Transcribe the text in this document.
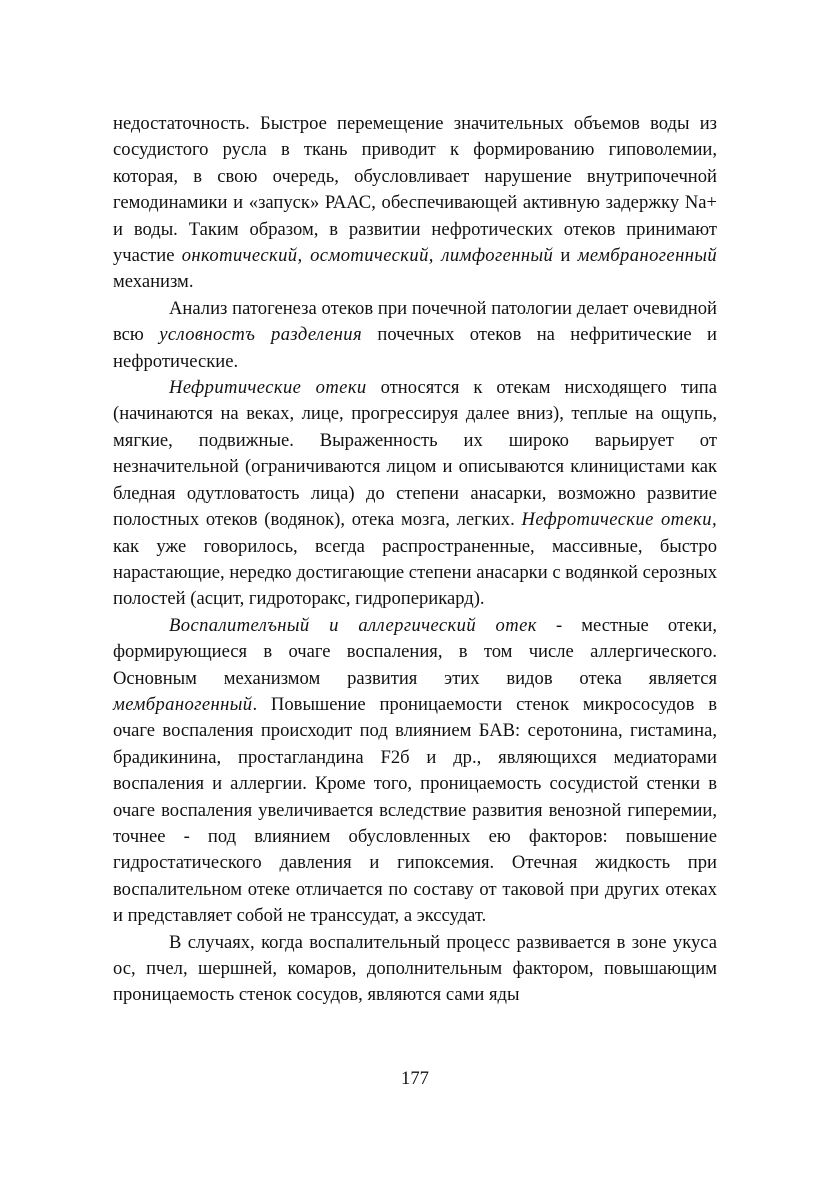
недостаточность. Быстрое перемещение значительных объемов воды из сосудистого русла в ткань приводит к формированию гиповолемии, которая, в свою очередь, обусловливает нарушение внутрипочечной гемодинамики и «запуск» РААС, обеспечивающей активную задержку Na+ и воды. Таким образом, в развитии нефротических отеков принимают участие онкотический, осмотический, лимфогенный и мембраногенный механизм.

Анализ патогенеза отеков при почечной патологии делает очевидной всю условностъ разделения почечных отеков на нефритические и нефротические.

Нефритические отеки относятся к отекам нисходящего типа (начинаются на веках, лице, прогрессируя далее вниз), теплые на ощупь, мягкие, подвижные. Выраженность их широко варьирует от незначительной (ограничиваются лицом и описываются клиницистами как бледная одутловатость лица) до степени анасарки, возможно развитие полостных отеков (водянок), отека мозга, легких. Нефротические отеки, как уже говорилось, всегда распространенные, массивные, быстро нарастающие, нередко достигающие степени анасарки с водянкой серозных полостей (асцит, гидроторакс, гидроперикард).

Воспалителъный и аллергический отек - местные отеки, формирующиеся в очаге воспаления, в том числе аллергического. Основным механизмом развития этих видов отека является мембраногенный. Повышение проницаемости стенок микрососудов в очаге воспаления происходит под влиянием БАВ: серотонина, гистамина, брадикинина, простагландина F2б и др., являющихся медиаторами воспаления и аллергии. Кроме того, проницаемость сосудистой стенки в очаге воспаления увеличивается вследствие развития венозной гиперемии, точнее - под влиянием обусловленных ею факторов: повышение гидростатического давления и гипоксемия. Отечная жидкость при воспалительном отеке отличается по составу от таковой при других отеках и представляет собой не транссудат, а экссудат.

В случаях, когда воспалительный процесс развивается в зоне укуса ос, пчел, шершней, комаров, дополнительным фактором, повышающим проницаемость стенок сосудов, являются сами яды

177
